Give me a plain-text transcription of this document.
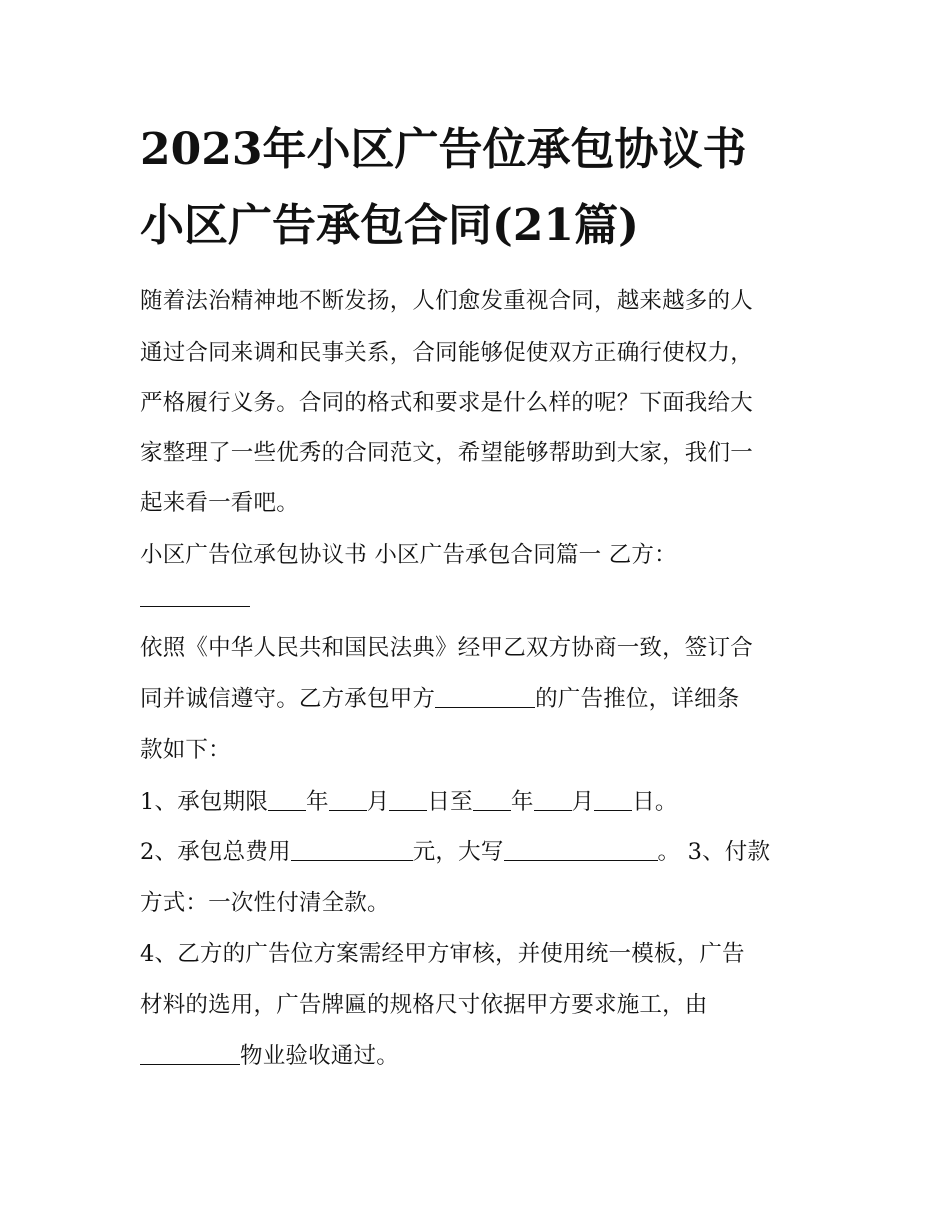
2023年小区广告位承包协议书
小区广告承包合同(21篇)

随着法治精神地不断发扬，人们愈发重视合同，越来越多的人

通过合同来调和民事关系，合同能够促使双方正确行使权力，

严格履行义务。合同的格式和要求是什么样的呢？下面我给大

家整理了一些优秀的合同范文，希望能够帮助到大家，我们一

起来看一看吧。

小区广告位承包协议书 小区广告承包合同篇一 乙方：

依照《中华人民共和国民法典》经甲乙双方协商一致，签订合

同并诚信遵守。乙方承包甲方	的广告推位，详细条

款如下：

1、承包期限 年 月 日至 年 月 日。

2、承包总费用	元，大写	。 3、付款

方式：一次性付清全款。

4、乙方的广告位方案需经甲方审核，并使用统一模板，广告

材料的选用，广告牌匾的规格尺寸依据甲方要求施工，由

物业验收通过。
